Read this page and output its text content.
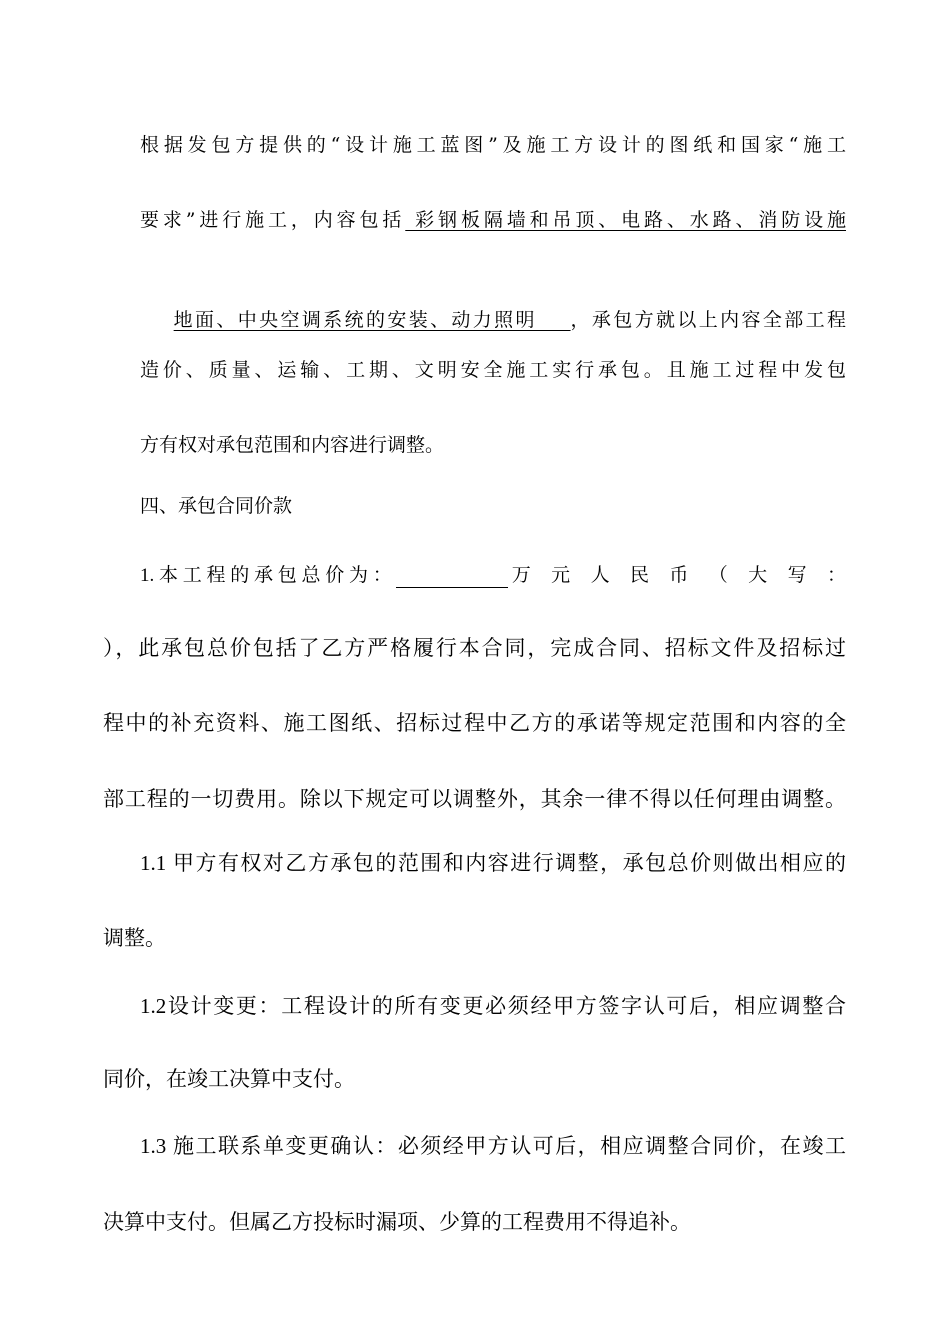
根据发包方提供的“设计施工蓝图”及施工方设计的图纸和国家“施工
要求”进行施工，内容包括 彩钢板隔墙和吊顶、电路、水路、消防设施

地面、中央空调系统的安装、动力照明    ，承包方就以上内容全部工程

造价、质量、运输、工期、文明安全施工实行承包。且施工过程中发包
方有权对承包范围和内容进行调整。
四、承包合同价款
1. 本 工 程 的 承 包 总 价 为 ：	万 元 人 民 币 （ 大 写 ：
），此承包总价包括了乙方严格履行本合同，完成合同、招标文件及招标过
程中的补充资料、施工图纸、招标过程中乙方的承诺等规定范围和内容的全
部工程的一切费用。除以下规定可以调整外，其余一律不得以任何理由调整。
1.1 甲方有权对乙方承包的范围和内容进行调整，承包总价则做出相应的
调整。
1.2设计变更：工程设计的所有变更必须经甲方签字认可后，相应调整合
同价，在竣工决算中支付。
1.3 施工联系单变更确认：必须经甲方认可后，相应调整合同价，在竣工
决算中支付。但属乙方投标时漏项、少算的工程费用不得追补。
